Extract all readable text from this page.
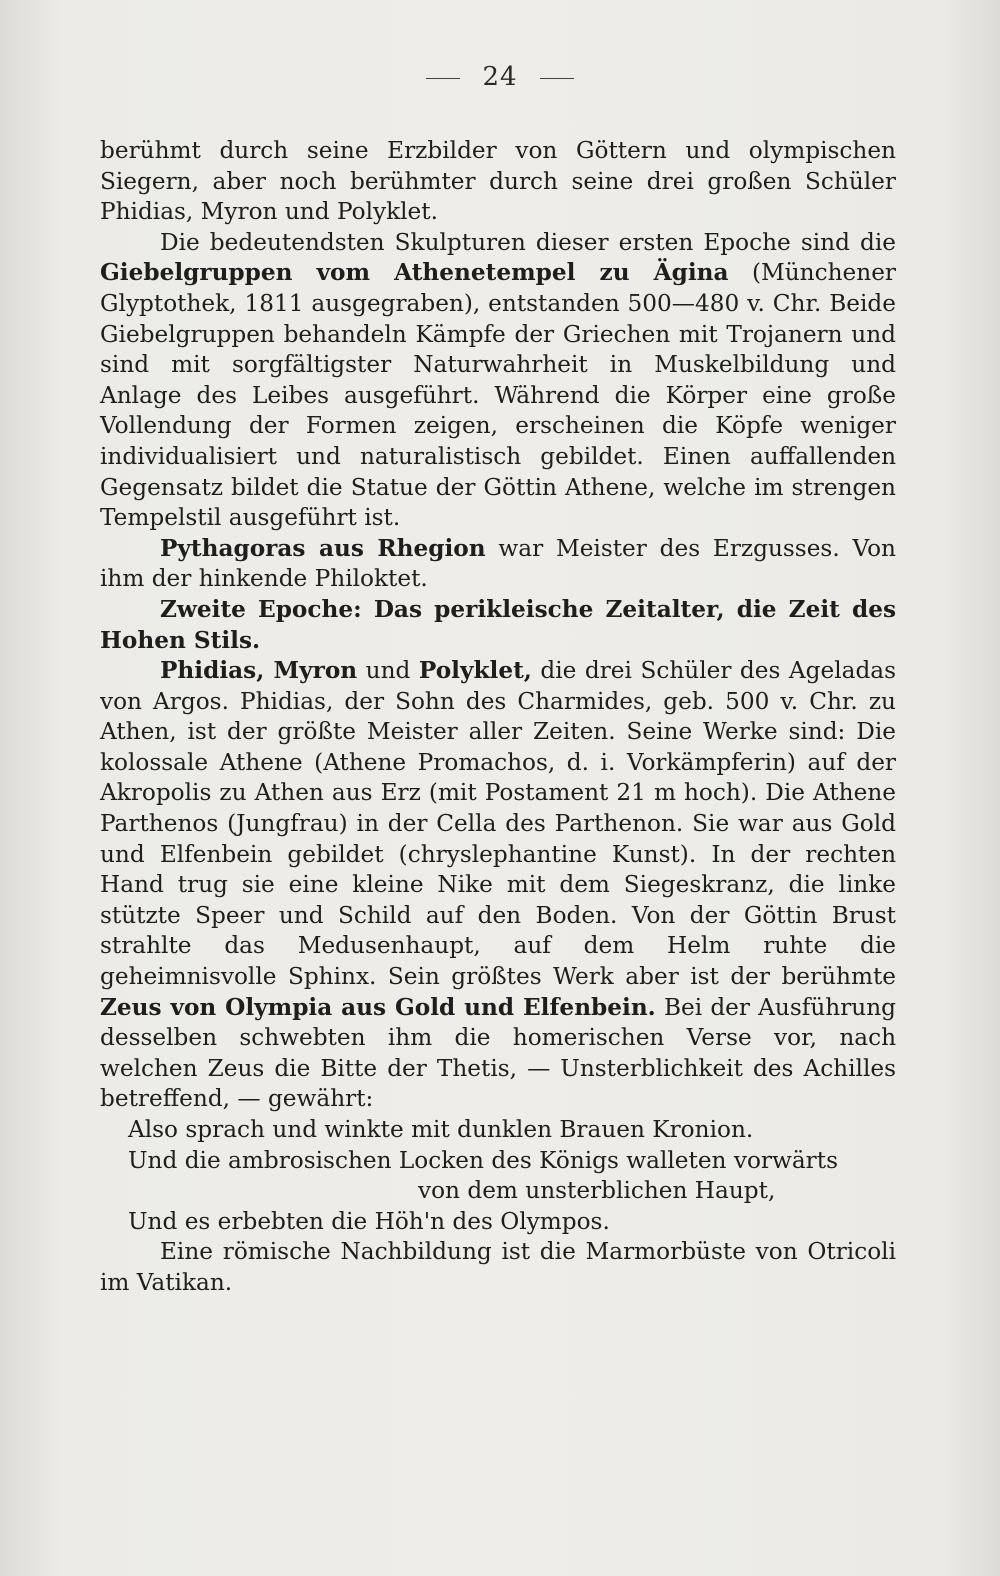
24

berühmt durch seine Erzbilder von Göttern und olympischen Siegern, aber noch berühmter durch seine drei großen Schüler Phidias, Myron und Polyklet.

Die bedeutendsten Skulpturen dieser ersten Epoche sind die Giebelgruppen vom Athenetempel zu Ägina (Münchener Glyptothek, 1811 ausgegraben), entstanden 500—480 v. Chr. Beide Giebelgruppen behandeln Kämpfe der Griechen mit Trojanern und sind mit sorgfältigster Naturwahrheit in Muskelbildung und Anlage des Leibes ausgeführt. Während die Körper eine große Vollendung der Formen zeigen, erscheinen die Köpfe weniger individualisiert und naturalistisch gebildet. Einen auffallenden Gegensatz bildet die Statue der Göttin Athene, welche im strengen Tempelstil ausgeführt ist.

Pythagoras aus Rhegion war Meister des Erzgusses. Von ihm der hinkende Philoktet.

Zweite Epoche: Das perikleische Zeitalter, die Zeit des Hohen Stils.

Phidias, Myron und Polyklet, die drei Schüler des Ageladas von Argos. Phidias, der Sohn des Charmides, geb. 500 v. Chr. zu Athen, ist der größte Meister aller Zeiten. Seine Werke sind: Die kolossale Athene (Athene Promachos, d. i. Vorkämpferin) auf der Akropolis zu Athen aus Erz (mit Postament 21 m hoch). Die Athene Parthenos (Jungfrau) in der Cella des Parthenon. Sie war aus Gold und Elfenbein gebildet (chryslephantine Kunst). In der rechten Hand trug sie eine kleine Nike mit dem Siegeskranz, die linke stützte Speer und Schild auf den Boden. Von der Göttin Brust strahlte das Medusenhaupt, auf dem Helm ruhte die geheimnisvolle Sphinx. Sein größtes Werk aber ist der berühmte Zeus von Olympia aus Gold und Elfenbein. Bei der Ausführung desselben schwebten ihm die homerischen Verse vor, nach welchen Zeus die Bitte der Thetis, — Unsterblichkeit des Achilles betreffend, — gewährt:

Also sprach und winkte mit dunklen Brauen Kronion.
Und die ambrosischen Locken des Königs walleten vorwärts
von dem unsterblichen Haupt,
Und es erbebten die Höh'n des Olympos.

Eine römische Nachbildung ist die Marmorbüste von Otricoli im Vatikan.
